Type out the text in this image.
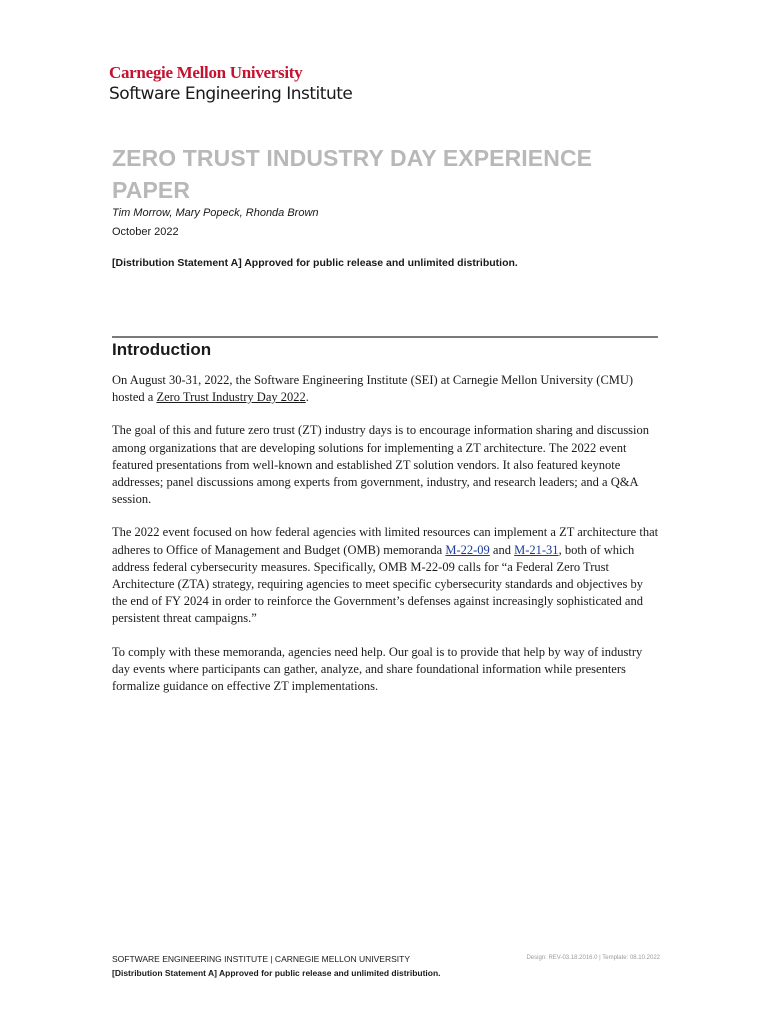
Carnegie Mellon University
Software Engineering Institute
ZERO TRUST INDUSTRY DAY EXPERIENCE PAPER

Tim Morrow, Mary Popeck, Rhonda Brown

October 2022

[Distribution Statement A] Approved for public release and unlimited distribution.

Introduction

On August 30-31, 2022, the Software Engineering Institute (SEI) at Carnegie Mellon University (CMU) hosted a Zero Trust Industry Day 2022.

The goal of this and future zero trust (ZT) industry days is to encourage information sharing and discussion among organizations that are developing solutions for implementing a ZT architecture. The 2022 event featured presentations from well-known and established ZT solution vendors. It also featured keynote addresses; panel discussions among experts from government, industry, and research leaders; and a Q&A session.

The 2022 event focused on how federal agencies with limited resources can implement a ZT architecture that adheres to Office of Management and Budget (OMB) memoranda M-22-09 and M-21-31, both of which address federal cybersecurity measures. Specifically, OMB M-22-09 calls for “a Federal Zero Trust Architecture (ZTA) strategy, requiring agencies to meet specific cybersecurity standards and objectives by the end of FY 2024 in order to reinforce the Government’s defenses against increasingly sophisticated and persistent threat campaigns.”

To comply with these memoranda, agencies need help. Our goal is to provide that help by way of industry day events where participants can gather, analyze, and share foundational information while presenters formalize guidance on effective ZT implementations.

SOFTWARE ENGINEERING INSTITUTE | CARNEGIE MELLON UNIVERSITY
[Distribution Statement A] Approved for public release and unlimited distribution.
Design: REV-03.18.2016.0 | Template: 08.10.2022
